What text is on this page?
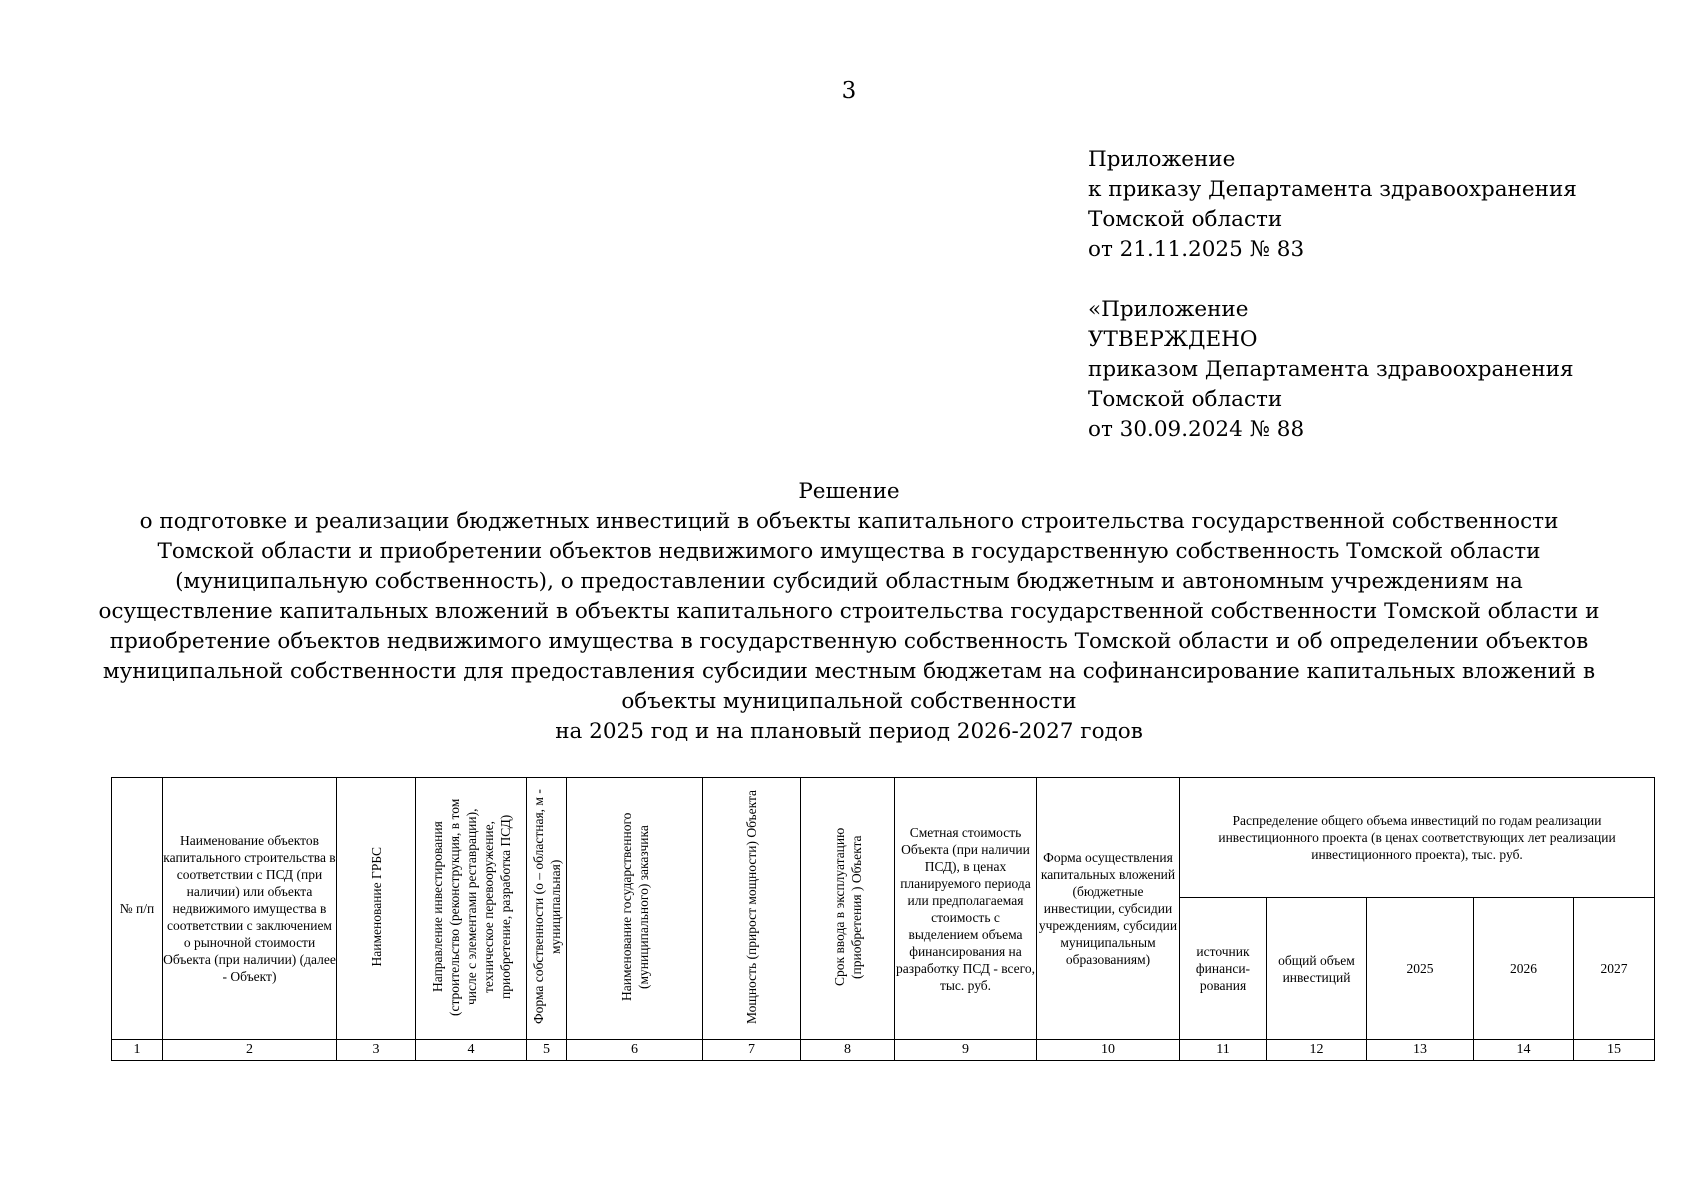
3
Приложение
к приказу Департамента здравоохранения
Томской области
от 21.11.2025 № 83
«Приложение
УТВЕРЖДЕНО
приказом Департамента здравоохранения
Томской области
от 30.09.2024 № 88
Решение
о подготовке и реализации бюджетных инвестиций в объекты капитального строительства государственной собственности
Томской области и приобретении объектов недвижимого имущества в государственную собственность Томской области
(муниципальную собственность), о предоставлении субсидий областным бюджетным и автономным учреждениям на
осуществление капитальных вложений в объекты капитального строительства государственной собственности Томской области и
приобретение объектов недвижимого имущества в государственную собственность Томской области и об определении объектов
муниципальной собственности для предоставления субсидии местным бюджетам на софинансирование капитальных вложений в
объекты муниципальной собственности
на 2025 год и на плановый период 2026-2027 годов
№ п/п	Наименование объектов капитального строительства в соответствии с ПСД (при наличии) или объекта недвижимого имущества в соответствии с заключением о рыночной стоимости Объекта (при наличии) (далее - Объект)	Наименование ГРБС	Направление инвестирования (строительство (реконструкция, в том числе с элементами реставрации), техническое перевооружение, приобретение, разработка ПСД)	Форма собственности (о – областная, м - муниципальная)	Наименование государственного (муниципального) заказчика	Мощность (прирост мощности) Объекта	Срок ввода в эксплуатацию (приобретения ) Объекта	Сметная стоимость Объекта (при наличии ПСД), в ценах планируемого периода или предполагаемая стоимость с выделением объема финансирования на разработку ПСД - всего, тыс. руб.	Форма осуществления капитальных вложений (бюджетные инвестиции, субсидии учреждениям, субсидии муниципальным образованиям)	Распределение общего объема инвестиций по годам реализации инвестиционного проекта (в ценах соответствующих лет реализации инвестиционного проекта), тыс. руб.				
										источник финанси-рования	общий объем инвестиций	2025	2026	2027
1	2	3	4	5	6	7	8	9	10	11	12	13	14	15
